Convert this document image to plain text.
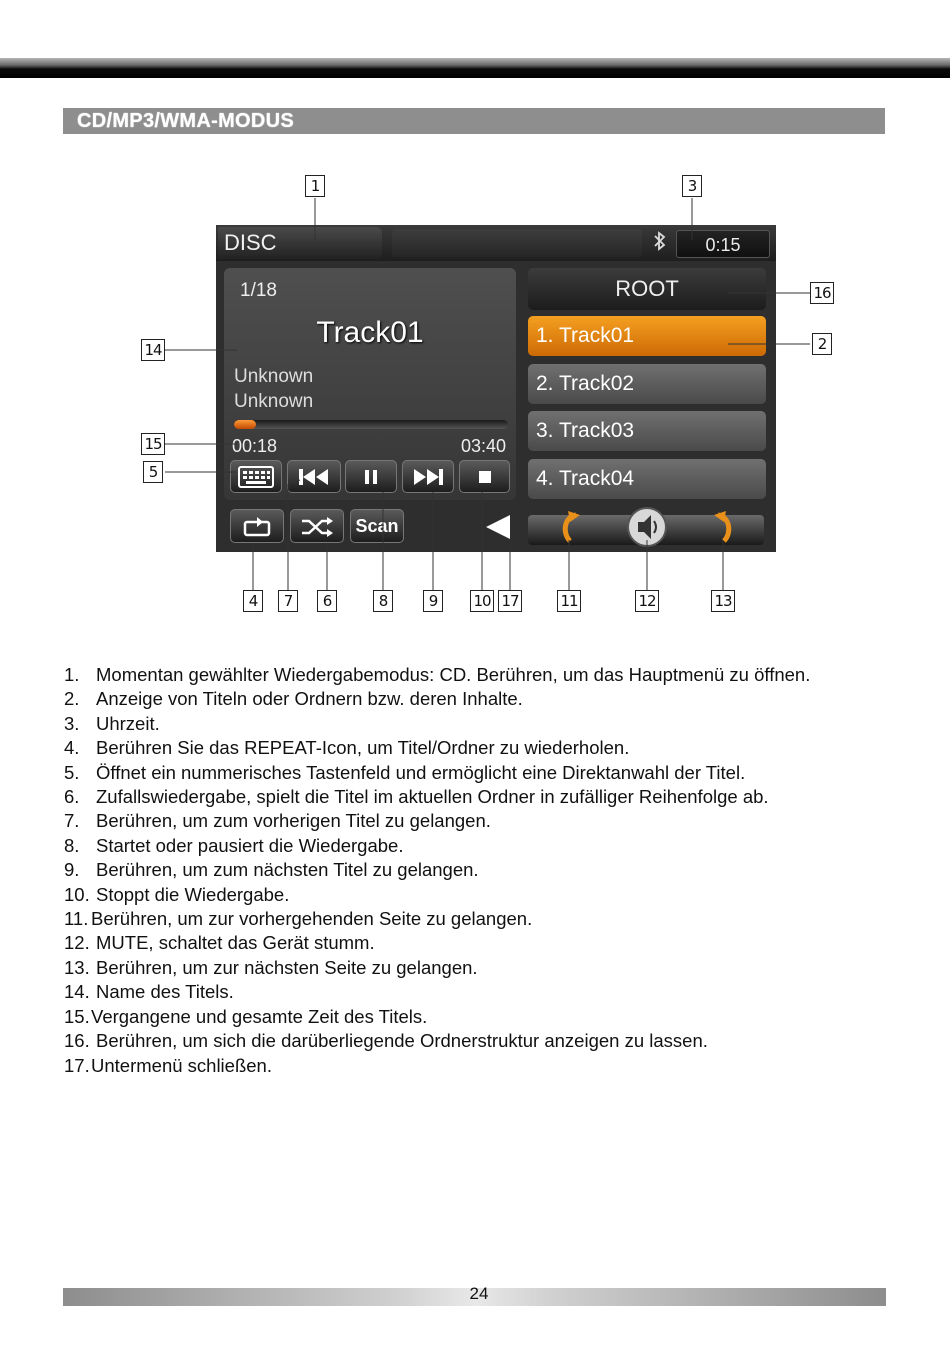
CD/MP3/WMA-MODUS
DISC	0:15
1/18
Track01
Unknown
Unknown
00:18	03:40
Scan
ROOT
1. Track01
2. Track02
3. Track03
4. Track04
1	3
16
2
14
15
5
4	7	6	8	9	10 17	11	12	13
1. Momentan gewählter Wiedergabemodus: CD. Berühren, um das Hauptmenü zu öffnen.
2. Anzeige von Titeln oder Ordnern bzw. deren Inhalte.
3. Uhrzeit.
4. Berühren Sie das REPEAT-Icon, um Titel/Ordner zu wiederholen.
5. Öffnet ein nummerisches Tastenfeld und ermöglicht eine Direktanwahl der Titel.
6. Zufallswiedergabe, spielt die Titel im aktuellen Ordner in zufälliger Reihenfolge ab.
7. Berühren, um zum vorherigen Titel zu gelangen.
8. Startet oder pausiert die Wiedergabe.
9. Berühren, um zum nächsten Titel zu gelangen.
10. Stoppt die Wiedergabe.
11. Berühren, um zur vorhergehenden Seite zu gelangen.
12. MUTE, schaltet das Gerät stumm.
13. Berühren, um zur nächsten Seite zu gelangen.
14. Name des Titels.
15.Vergangene und gesamte Zeit des Titels.
16. Berühren, um sich die darüberliegende Ordnerstruktur anzeigen zu lassen.
17.Untermenü schließen.
24
